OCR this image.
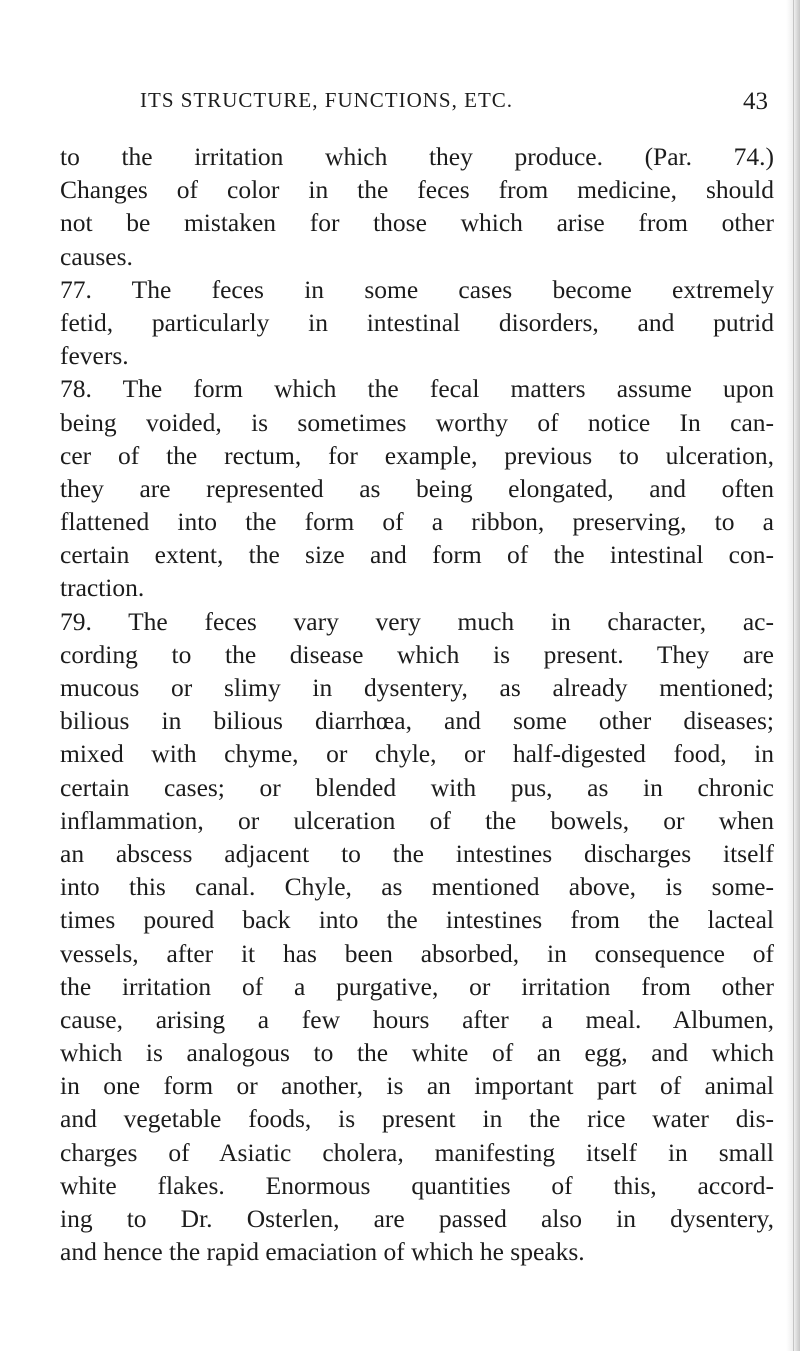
ITS STRUCTURE, FUNCTIONS, ETC.	43
to the irritation which they produce. (Par. 74.)
Changes of color in the feces from medicine, should
not be mistaken for those which arise from other
causes.
77. The feces in some cases become extremely
fetid, particularly in intestinal disorders, and putrid
fevers.
78. The form which the fecal matters assume upon
being voided, is sometimes worthy of notice In can-
cer of the rectum, for example, previous to ulceration,
they are represented as being elongated, and often
flattened into the form of a ribbon, preserving, to a
certain extent, the size and form of the intestinal con-
traction.
79. The feces vary very much in character, ac-
cording to the disease which is present. They are
mucous or slimy in dysentery, as already mentioned;
bilious in bilious diarrhœa, and some other diseases;
mixed with chyme, or chyle, or half-digested food, in
certain cases; or blended with pus, as in chronic
inflammation, or ulceration of the bowels, or when
an abscess adjacent to the intestines discharges itself
into this canal. Chyle, as mentioned above, is some-
times poured back into the intestines from the lacteal
vessels, after it has been absorbed, in consequence of
the irritation of a purgative, or irritation from other
cause, arising a few hours after a meal. Albumen,
which is analogous to the white of an egg, and which
in one form or another, is an important part of animal
and vegetable foods, is present in the rice water dis-
charges of Asiatic cholera, manifesting itself in small
white flakes. Enormous quantities of this, accord-
ing to Dr. Osterlen, are passed also in dysentery,
and hence the rapid emaciation of which he speaks.
